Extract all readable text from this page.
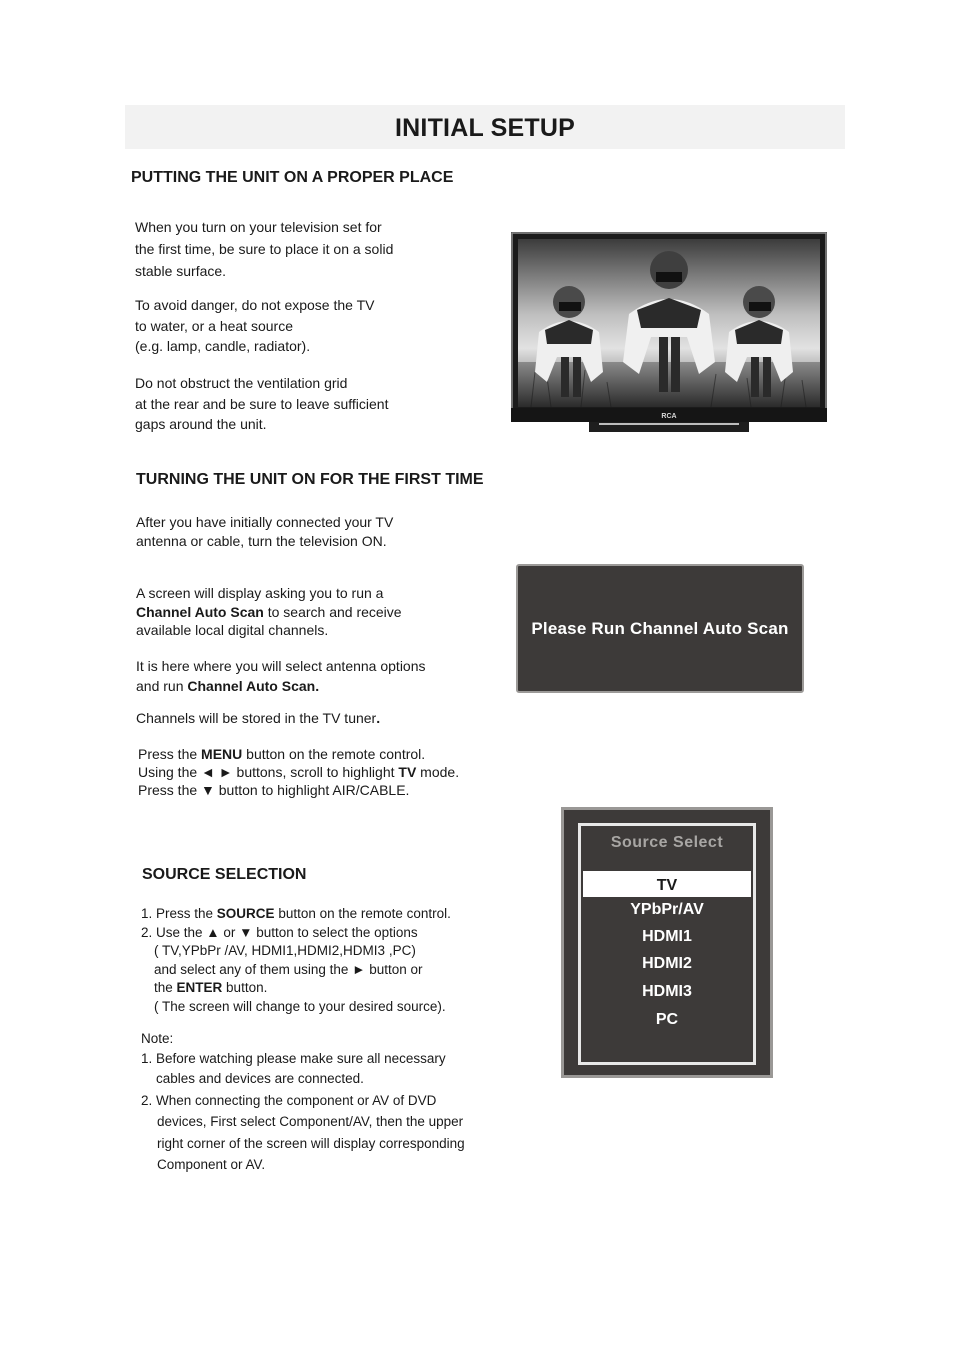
INITIAL SETUP
PUTTING THE UNIT ON A PROPER PLACE

When you turn on your television set for

the first time, be sure to place it on a solid

stable surface.

To avoid danger, do not expose the TV

to water, or a heat source

(e.g. lamp, candle, radiator).

Do not obstruct the ventilation grid

at the rear and be sure to leave sufficient

gaps around the unit.	RCA
TURNING THE UNIT ON FOR THE FIRST TIME

After you have initially connected your TV

antenna or cable, turn the television ON.

A screen will display asking you to run a

Channel Auto Scan to search and receive

available local digital channels.

It is here where you will select antenna options

and run Channel Auto Scan.

Channels will be stored in the TV tuner.

Press the MENU button on the remote control.

Using the ◄ ► buttons, scroll to highlight TV mode.

Press the ▼ button to highlight AIR/CABLE.

Please Run Channel Auto Scan
SOURCE SELECTION

1. Press the SOURCE button on the remote control.

2. Use the ▲ or ▼ button to select the options

( TV,YPbPr /AV, HDMI1,HDMI2,HDMI3 ,PC)

and select any of them using the ► button or

the ENTER button.

( The screen will change to your desired source).

Note:

1. Before watching please make sure all necessary

cables and devices are connected.

2. When connecting the component or AV of DVD

devices, First select Component/AV, then the upper

right corner of the screen will display corresponding

Component or AV.

Source Select
TV
YPbPr/AV
HDMI1
HDMI2
HDMI3
PC
